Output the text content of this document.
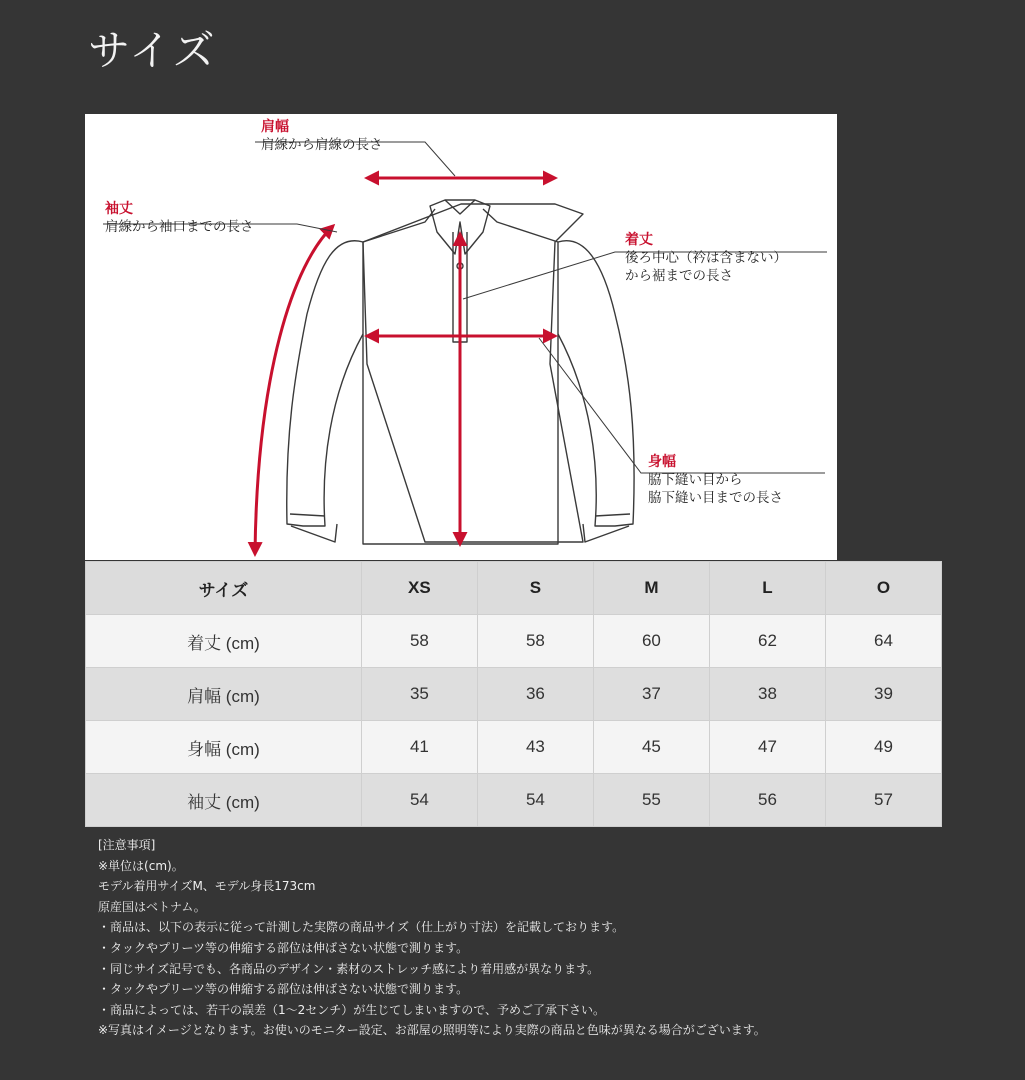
サイズ
肩幅
肩線から肩線の長さ
袖丈
肩線から袖口までの長さ
着丈
後ろ中心（衿は含まない）
から裾までの長さ
身幅
脇下縫い目から
脇下縫い目までの長さ
サイズ	XS	S	M	L	O
着丈 (cm)	58	58	60	62	64
肩幅 (cm)	35	36	37	38	39
身幅 (cm)	41	43	45	47	49
袖丈 (cm)	54	54	55	56	57
[注意事項]
※単位は(cm)。
モデル着用サイズM、モデル身長173cm
原産国はベトナム。
・商品は、以下の表示に従って計測した実際の商品サイズ（仕上がり寸法）を記載しております。
・タックやプリーツ等の伸縮する部位は伸ばさない状態で測ります。
・同じサイズ記号でも、各商品のデザイン・素材のストレッチ感により着用感が異なります。
・タックやプリーツ等の伸縮する部位は伸ばさない状態で測ります。
・商品によっては、若干の誤差（1〜2センチ）が生じてしまいますので、予めご了承下さい。
※写真はイメージとなります。お使いのモニター設定、お部屋の照明等により実際の商品と色味が異なる場合がございます。
